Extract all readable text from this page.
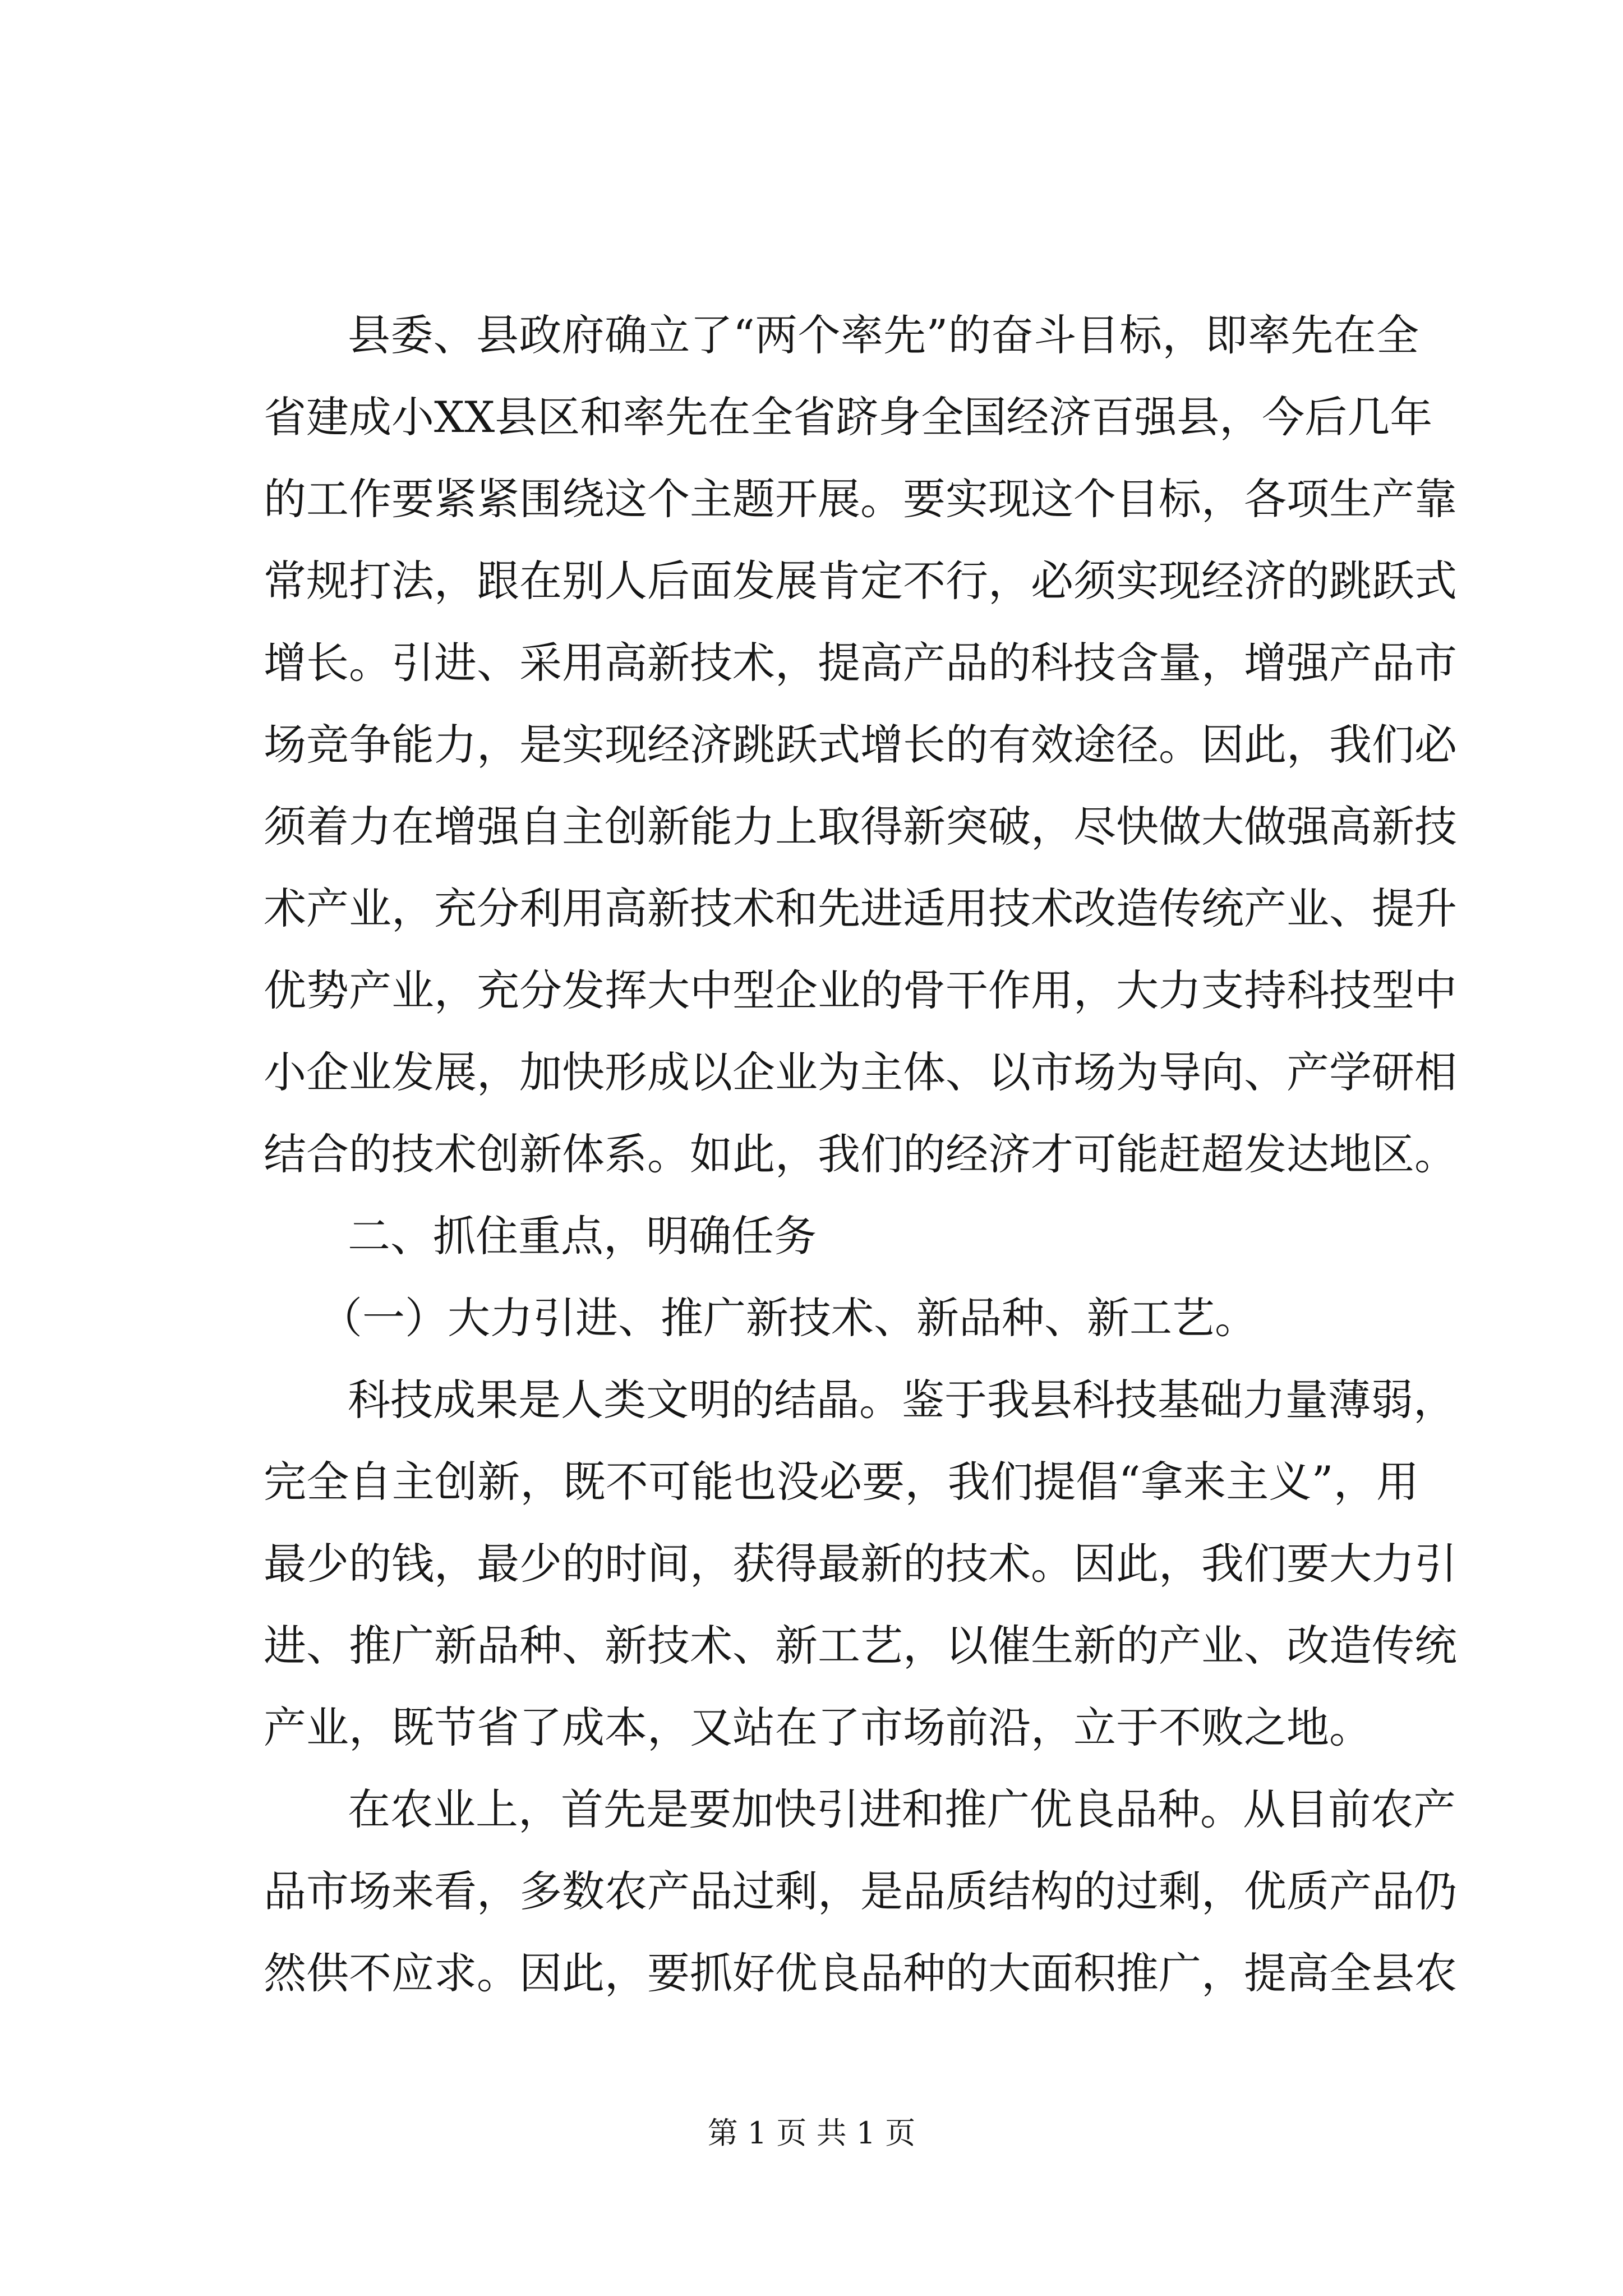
县委、县政府确立了“两个率先”的奋斗目标，即率先在全
省建成小XX县区和率先在全省跻身全国经济百强县，今后几年
的工作要紧紧围绕这个主题开展。要实现这个目标，各项生产靠
常规打法，跟在别人后面发展肯定不行，必须实现经济的跳跃式
增长。引进、采用高新技术，提高产品的科技含量，增强产品市
场竞争能力，是实现经济跳跃式增长的有效途径。因此，我们必
须着力在增强自主创新能力上取得新突破，尽快做大做强高新技
术产业，充分利用高新技术和先进适用技术改造传统产业、提升
优势产业，充分发挥大中型企业的骨干作用，大力支持科技型中
小企业发展，加快形成以企业为主体、以市场为导向、产学研相
结合的技术创新体系。如此，我们的经济才可能赶超发达地区。
二、抓住重点，明确任务
（一）大力引进、推广新技术、新品种、新工艺。
科技成果是人类文明的结晶。鉴于我县科技基础力量薄弱，
完全自主创新，既不可能也没必要，我们提倡“拿来主义”，用
最少的钱，最少的时间，获得最新的技术。因此，我们要大力引
进、推广新品种、新技术、新工艺，以催生新的产业、改造传统
产业，既节省了成本，又站在了市场前沿，立于不败之地。
在农业上，首先是要加快引进和推广优良品种。从目前农产
品市场来看，多数农产品过剩，是品质结构的过剩，优质产品仍
然供不应求。因此，要抓好优良品种的大面积推广，提高全县农
第 1 页 共 1 页
